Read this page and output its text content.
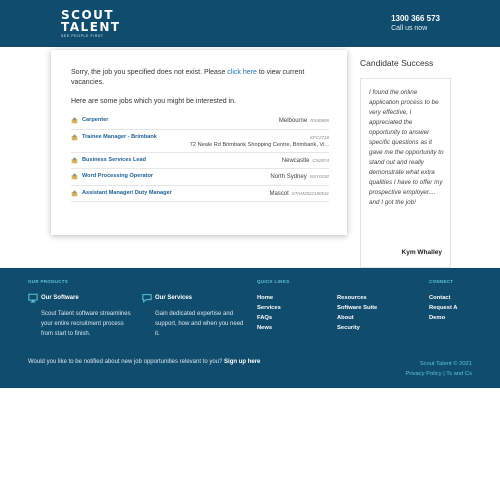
SCOUT
TALENT
SEE PEOPLE FIRST
1300 366 573
Call us now
Sorry, the job you specified does not exist. Please click here to view current vacancies.
Here are some jobs which you might be interested in.
Carpenter	Melbourne RS40695
Trainee Manager - Brimbank	KFC2716
72 Neale Rd Brimbank Shopping Centre, Brimbank, Vi...
Business Services Lead	Newcastle CN2874
Word Processing Operator	North Sydney NSY0192
Assistant Manager/ Duty Manager	Mascot STAM2022180531
Candidate Success
I found the online application process to be very effective, I appreciated the opportunity to answer specific questions as it gave me the opportunity to stand out and really demonstrate what extra qualities I have to offer my prospective employer.... and I got the job!
Kym Whalley
OUR PRODUCTS
Our Software
Scout Talent software streamlines your entire recruitment process from start to finish.
Our Services
Gain dedicated expertise and support, how and when you need it.
QUICK LINKS
Home
Services
FAQs
News
Resources
Software Suite
About
Security
CONNECT
Contact
Request A
Demo
Would you like to be notified about new job opportunities relevant to you? Sign up here	Scout Talent © 2021
Privacy Policy | Ts and Cs
